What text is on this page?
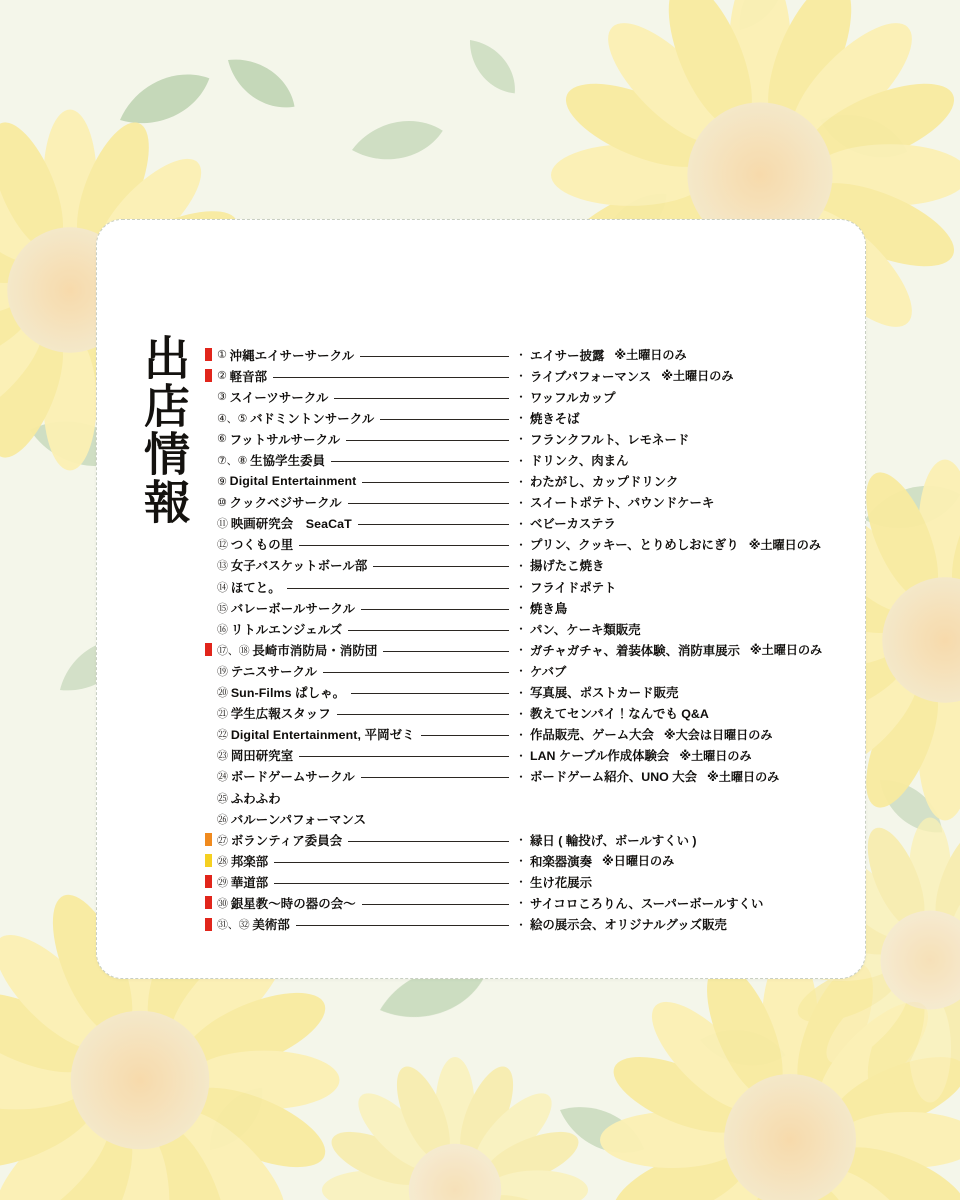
出店情報 ① 沖縄エイサーサークル	・ エイサー披露 ※土曜日のみ
② 軽音部	・ ライブパフォーマンス ※土曜日のみ
③ スイーツサークル	・ ワッフルカップ
④、⑤ バドミントンサークル	・ 焼きそば
⑥ フットサルサークル	・ フランクフルト、レモネード
⑦、⑧ 生協学生委員	・ ドリンク、肉まん
⑨ Digital Entertainment	・ わたがし、カップドリンク
⑩ クックベジサークル	・ スイートポテト、パウンドケーキ
⑪ 映画研究会　SeaCaT	・ ベビーカステラ
⑫ つくもの里	・ プリン、クッキー、とりめしおにぎり ※土曜日のみ
⑬ 女子バスケットボール部	・ 揚げたこ焼き
⑭ ほてと。	・ フライドポテト
⑮ バレーボールサークル	・ 焼き鳥
⑯ リトルエンジェルズ	・ パン、ケーキ類販売
⑰、⑱ 長崎市消防局・消防団	・ ガチャガチャ、着装体験、消防車展示 ※土曜日のみ
⑲ テニスサークル	・ ケバブ
⑳ Sun-Films ぱしゃ。	・ 写真展、ポストカード販売
㉑ 学生広報スタッフ	・ 教えてセンパイ！なんでも Q&A
㉒ Digital Entertainment, 平岡ゼミ	・ 作品販売、ゲーム大会 ※大会は日曜日のみ
㉓ 岡田研究室	・ LAN ケーブル作成体験会 ※土曜日のみ
㉔ ボードゲームサークル	・ ボードゲーム紹介、UNO 大会 ※土曜日のみ
㉕ ふわふわ
㉖ バルーンパフォーマンス
㉗ ボランティア委員会	・ 縁日 ( 輪投げ、ボールすくい )
㉘ 邦楽部	・ 和楽器演奏 ※日曜日のみ
㉙ 華道部	・ 生け花展示
㉚ 銀星教〜時の器の会〜	・ サイコロころりん、スーパーボールすくい
㉛、㉜ 美術部	・ 絵の展示会、オリジナルグッズ販売
